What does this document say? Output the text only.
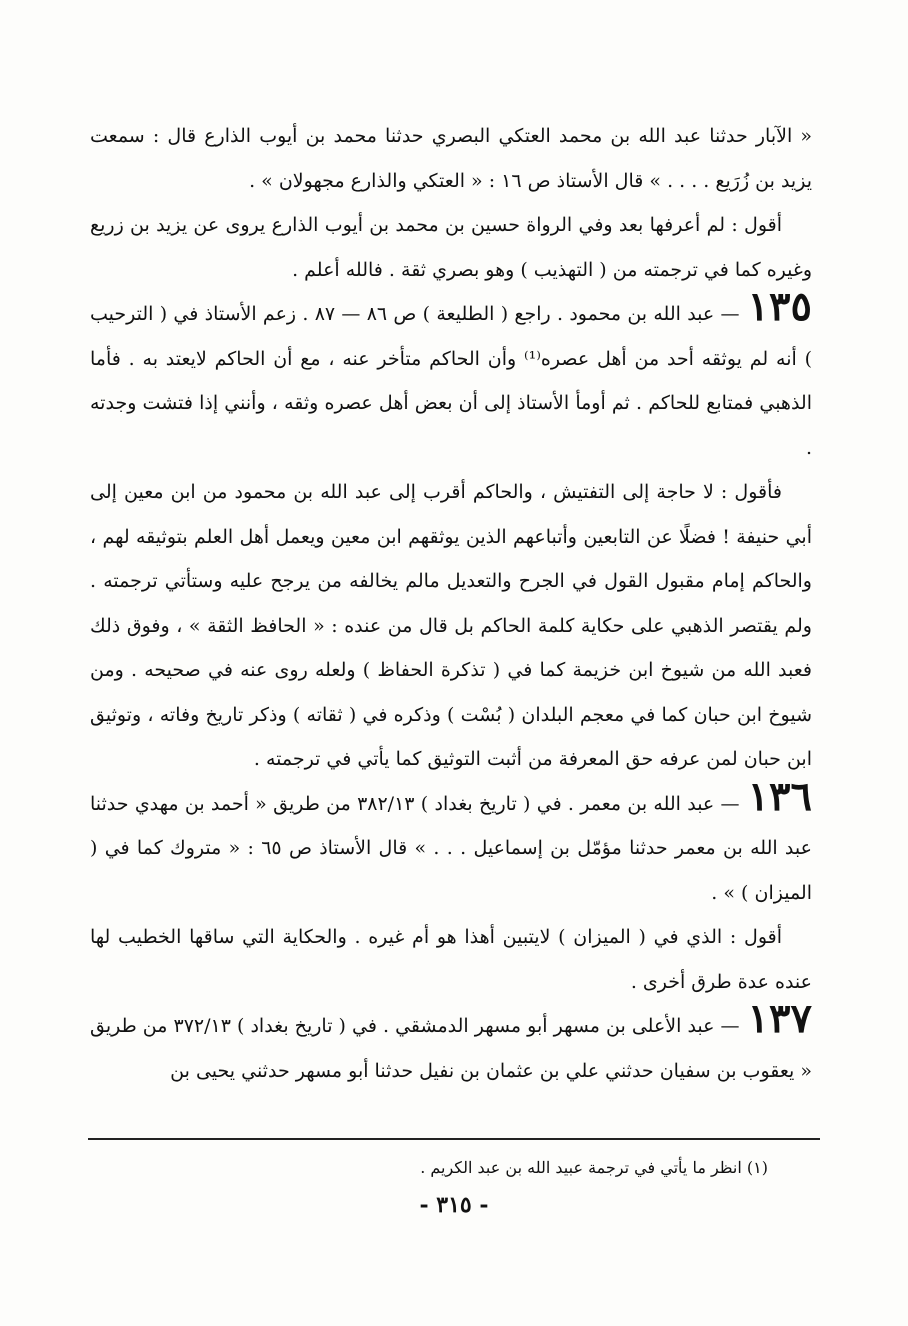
« الآبار حدثنا عبد الله بن محمد العتكي البصري حدثنا محمد بن أيوب الذارع قال : سمعت يزيد بن زُرَيع . . . . » قال الأستاذ ص ١٦ : « العتكي والذارع مجهولان » .

أقول : لم أعرفها بعد وفي الرواة حسين بن محمد بن أيوب الذارع يروى عن يزيد بن زريع وغيره كما في ترجمته من ( التهذيب ) وهو بصري ثقة . فالله أعلم .

١٣٥— عبد الله بن محمود . راجع ( الطليعة ) ص ٨٦ — ٨٧ . زعم الأستاذ في ( الترحيب ) أنه لم يوثقه أحد من أهل عصره⁽¹⁾ وأن الحاكم متأخر عنه ، مع أن الحاكم لايعتد به . فأما الذهبي فمتابع للحاكم . ثم أومأ الأستاذ إلى أن بعض أهل عصره وثقه ، وأنني إذا فتشت وجدته .

فأقول : لا حاجة إلى التفتيش ، والحاكم أقرب إلى عبد الله بن محمود من ابن معين إلى أبي حنيفة ! فضلًا عن التابعين وأتباعهم الذين يوثقهم ابن معين ويعمل أهل العلم بتوثيقه لهم ، والحاكم إمام مقبول القول في الجرح والتعديل مالم يخالفه من يرجح عليه وستأتي ترجمته . ولم يقتصر الذهبي على حكاية كلمة الحاكم بل قال من عنده : « الحافظ الثقة » ، وفوق ذلك فعبد الله من شيوخ ابن خزيمة كما في ( تذكرة الحفاظ ) ولعله روى عنه في صحيحه . ومن شيوخ ابن حبان كما في معجم البلدان ( بُسْت ) وذكره في ( ثقاته ) وذكر تاريخ وفاته ، وتوثيق ابن حبان لمن عرفه حق المعرفة من أثبت التوثيق كما يأتي في ترجمته .

١٣٦— عبد الله بن معمر . في ( تاريخ بغداد ) ٣٨٢/١٣ من طريق « أحمد بن مهدي حدثنا عبد الله بن معمر حدثنا مؤمّل بن إسماعيل . . . » قال الأستاذ ص ٦٥ : « متروك كما في ( الميزان ) » .

أقول : الذي في ( الميزان ) لايتبين أهذا هو أم غيره . والحكاية التي ساقها الخطيب لها عنده عدة طرق أخرى .

١٣٧— عبد الأعلى بن مسهر أبو مسهر الدمشقي . في ( تاريخ بغداد ) ٣٧٢/١٣ من طريق « يعقوب بن سفيان حدثني علي بن عثمان بن نفيل حدثنا أبو مسهر حدثني يحيى بن

(١) انظر ما يأتي في ترجمة عبيد الله بن عبد الكريم .
- ٣١٥ -
